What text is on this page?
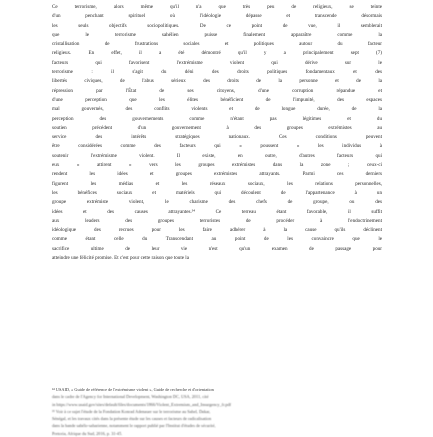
Ce terrorisme, alors même qu'il n'a que très peu de religieux, se teinte
d'un penchant spirituel où l'idéologie dépasse et transcende désormais
les seuls objectifs sociopolitiques. De ce point de vue, il semblerait
que le terrorisme sahélien puisse finalement apparaître comme la
cristallisation de frustrations sociales et politiques autour du facteur
religieux. En effet, il a été démontré qu'il y a principalement sept (7)
facteurs qui favorisent l'extrémisme violent qui dérive sur le
terrorisme : il s'agit du déni des droits politiques fondamentaux et des
libertés civiques, de l'abus sérieux des droits de la personne et de la
répression par l'État de ses citoyens, d'une corruption répandue et
d'une perception que les élites bénéficient de l'impunité, des espaces
mal gouvernés, des conflits violents et de longue durée, de la
perception des gouvernements comme n'étant pas légitimes et du
soutien précédent d'un gouvernement à des groupes extrémistes au
service des intérêts stratégiques nationaux. Ces conditions peuvent
être considérées comme des facteurs qui « poussent » les individus à
soutenir l'extrémisme violent. Il existe, en outre, d'autres facteurs qui
eux « attirent » vers les groupes extrémistes dans la zone ; ceux-ci
rendent les idées et groupes extrémistes attrayants. Parmi ces derniers
figurent les médias et les réseaux sociaux, les relations personnelles,
les bénéfices sociaux et matériels qui découlent de l'appartenance à un
groupe extrémiste violent, le charisme des chefs de groupe, ou des
idées et des causes attrayantes.³⁴ Ce terreau étant favorable, il suffit
aux leaders des groupes terroristes de procéder à l'endoctrinement
idéologique des recrues pour les faire adhérer à la cause qu'ils déclinent
comme étant celle du Transcendant au point de les convaincre que le
sacrifice ultime de leur vie n'est qu'un examen de passage pour
atteindre une félicité promise. Et c'est pour cette raison que toute la
³⁴ USAID, « Guide de référence de l'extrémisme violent », Guide de recherche et d'orientation
dans le cadre de l'Agency for International Development, Washington DC, USA, 2011, cité
in https://www.usaid.gov/sites/default/files/documents/1866/Violent_Extremism_and_Insurgency_fr.pdf
³⁵ Voir à ce sujet l'étude de la Fondation Konrad Adenauer sur le terrorisme au Sahel, Dakar,
Sénégal, et les travaux cités dans la présente étude sur les causes et facteurs de radicalisation
dans la bande sahélo-saharienne, notamment le rapport publié par l'Institut d'études de sécurité,
Pretoria, Afrique du Sud, 2016, p. 31-45.
